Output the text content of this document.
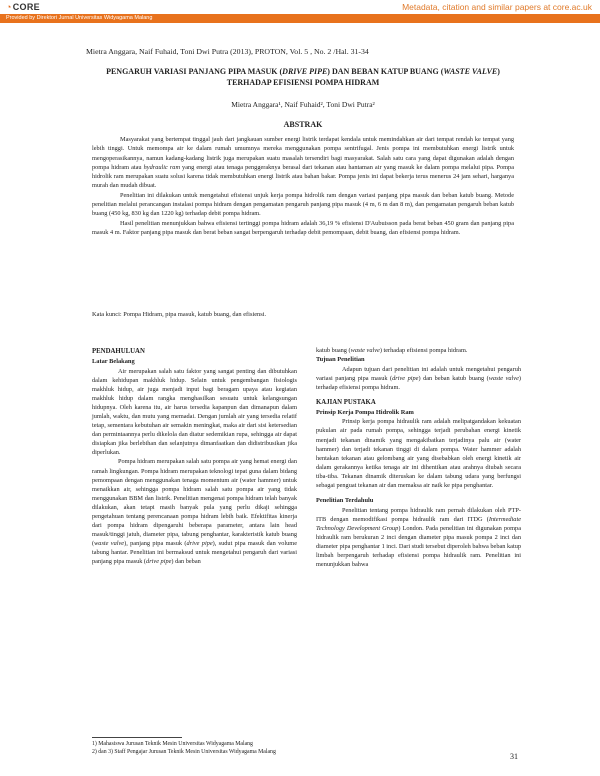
◔CORE	Metadata, citation and similar papers at core.ac.uk
Provided by Direktori Jurnal Universitas Widyagama Malang
Mietra Anggara, Naif Fuhaid, Toni Dwi Putra (2013), PROTON, Vol. 5 , No. 2 /Hal. 31-34
PENGARUH VARIASI PANJANG PIPA MASUK (DRIVE PIPE) DAN BEBAN KATUP BUANG (WASTE VALVE) TERHADAP EFISIENSI POMPA HIDRAM
Mietra Anggara¹, Naif Fuhaid², Toni Dwi Putra²
ABSTRAK

Masyarakat yang bertempat tinggal jauh dari jangkauan sumber energi listrik terdapat kendala untuk memindahkan air dari tempat rendah ke tempat yang lebih tinggi. Untuk memompa air ke dalam rumah umumnya mereka menggunakan pompa sentrifugal. Jenis pompa ini membutuhkan energi listrik untuk mengoperasikannya, namun kadang-kadang listrik juga merupakan suatu masalah tersendiri bagi masyarakat. Salah satu cara yang dapat digunakan adalah dengan pompa hidram atau hydraulic ram yang energi atau tenaga penggeraknya berasal dari tekanan atau hantaman air yang masuk ke dalam pompa melalui pipa. Pompa hidrolik ram merupakan suatu solusi karena tidak membutuhkan energi listrik atau bahan bakar. Pompa jenis ini dapat bekerja terus menerus 24 jam sehari, harganya murah dan mudah dibuat.

Penelitian ini dilakukan untuk mengetahui efisiensi unjuk kerja pompa hidrolik ram dengan variasi panjang pipa masuk dan beban katub buang. Metode penelitian melalui perancangan instalasi pompa hidram dengan pengamatan pengaruh panjang pipa masuk (4 m, 6 m dan 8 m), dan pengamatan pengaruh beban katub buang (450 kg, 830 kg dan 1220 kg) terhadap debit pompa hidram.

Hasil penelitian menunjukkan bahwa efisiensi tertinggi pompa hidram adalah 36,19 % efisiensi D'Aubuisson pada berat beban 450 gram dan panjang pipa masuk 4 m. Faktor panjang pipa masuk dan berat beban sangat berpengaruh terhadap debit pemompaan, debit buang, dan efisiensi pompa hidram.

Kata kunci: Pompa Hidram, pipa masuk, katub buang, dan efisiensi.
PENDAHULUAN
Latar Belakang

Air merupakan salah satu faktor yang sangat penting dan dibutuhkan dalam kehidupan makhluk hidup. Selain untuk pengembangan fisiologis makhluk hidup, air juga menjadi input bagi beragam upaya atau kegiatan makhluk hidup dalam rangka menghasilkan sesuatu untuk kelangsungan hidupnya. Oleh karena itu, air harus tersedia kapanpun dan dimanapun dalam jumlah, waktu, dan mutu yang memadai. Dengan jumlah air yang tersedia relatif tetap, sementara kebutuhan air semakin meningkat, maka air dari sisi ketersedian dan permintaannya perlu dikelola dan diatur sedemikian rupa, sehingga air dapat disiapkan jika berlebihan dan selanjutnya dimanfaatkan dan didistribusikan jika diperlukan.

Pompa hidram merupakan salah satu pompa air yang hemat energi dan ramah lingkungan. Pompa hidram merupakan teknologi tepat guna dalam bidang pemompaan dengan menggunakan tenaga momentum air (water hammer) untuk menaikkan air, sehingga pompa hidram salah satu pompa air yang tidak menggunakan BBM dan listrik. Penelitian mengenai pompa hidram telah banyak dilakukan, akan tetapi masih banyak pula yang perlu dikaji sehingga pengetahuan tentang perencanaan pompa hidram lebih baik. Efektifitas kinerja dari pompa hidram dipengaruhi beberapa parameter, antara lain head masuk/tinggi jatuh, diameter pipa, tabung penghantar, karakteristik katub buang (waste valve), panjang pipa masuk (drive pipe), sudut pipa masuk dan volume tabung hantar. Penelitian ini bermaksud untuk mengetahui pengaruh dari variasi panjang pipa masuk (drive pipe) dan beban

katub buang (waste valve) terhadap efisiensi pompa hidram.

Tujuan Penelitian

Adapun tujuan dari penelitian ini adalah untuk mengetahui pengaruh variasi panjang pipa masuk (drive pipe) dan beban katub buang (waste valve) terhadap efisiensi pompa hidram.

KAJIAN PUSTAKA
Prinsip Kerja Pompa Hidrolik Ram

Prinsip kerja pompa hidraulik ram adalah melipatgandakan kekuatan pukulan air pada rumah pompa, sehingga terjadi perubahan energi kinetik menjadi tekanan dinamik yang mengakibatkan terjadinya palu air (water hammer) dan terjadi tekanan tinggi di dalam pompa. Water hammer adalah hentakan tekanan atau gelombang air yang disebabkan oleh energi kinetik air dalam gerakannya ketika tenaga air ini dihentikan atau arahnya diubah secara tiba-tiba. Tekanan dinamik diteruskan ke dalam tabung udara yang berfungsi sebagai penguat tekanan air dan memaksa air naik ke pipa penghantar.

Penelitian Terdahulu

Penelitian tentang pompa hidraulik ram pernah dilakukan oleh PTP-ITB dengan memodifikasi pompa hidraulik ram dari ITDG (Intermediate Technology Development Group) London. Pada penelitian ini digunakan pompa hidraulik ram berukuran 2 inci dengan diameter pipa masuk pompa 2 inci dan diameter pipa penghantar 1 inci. Dari studi tersebut diperoleh bahwa beban katup limbah berpengaruh terhadap efisiensi pompa hidraulik ram. Penelitian ini menunjukkan bahwa

1) Mahasiswa Jurusan Teknik Mesin Universitas Widyagama Malang
2) dan 3) Staff Pengajar Jurusan Teknik Mesin Universitas Widyagama Malang	31
